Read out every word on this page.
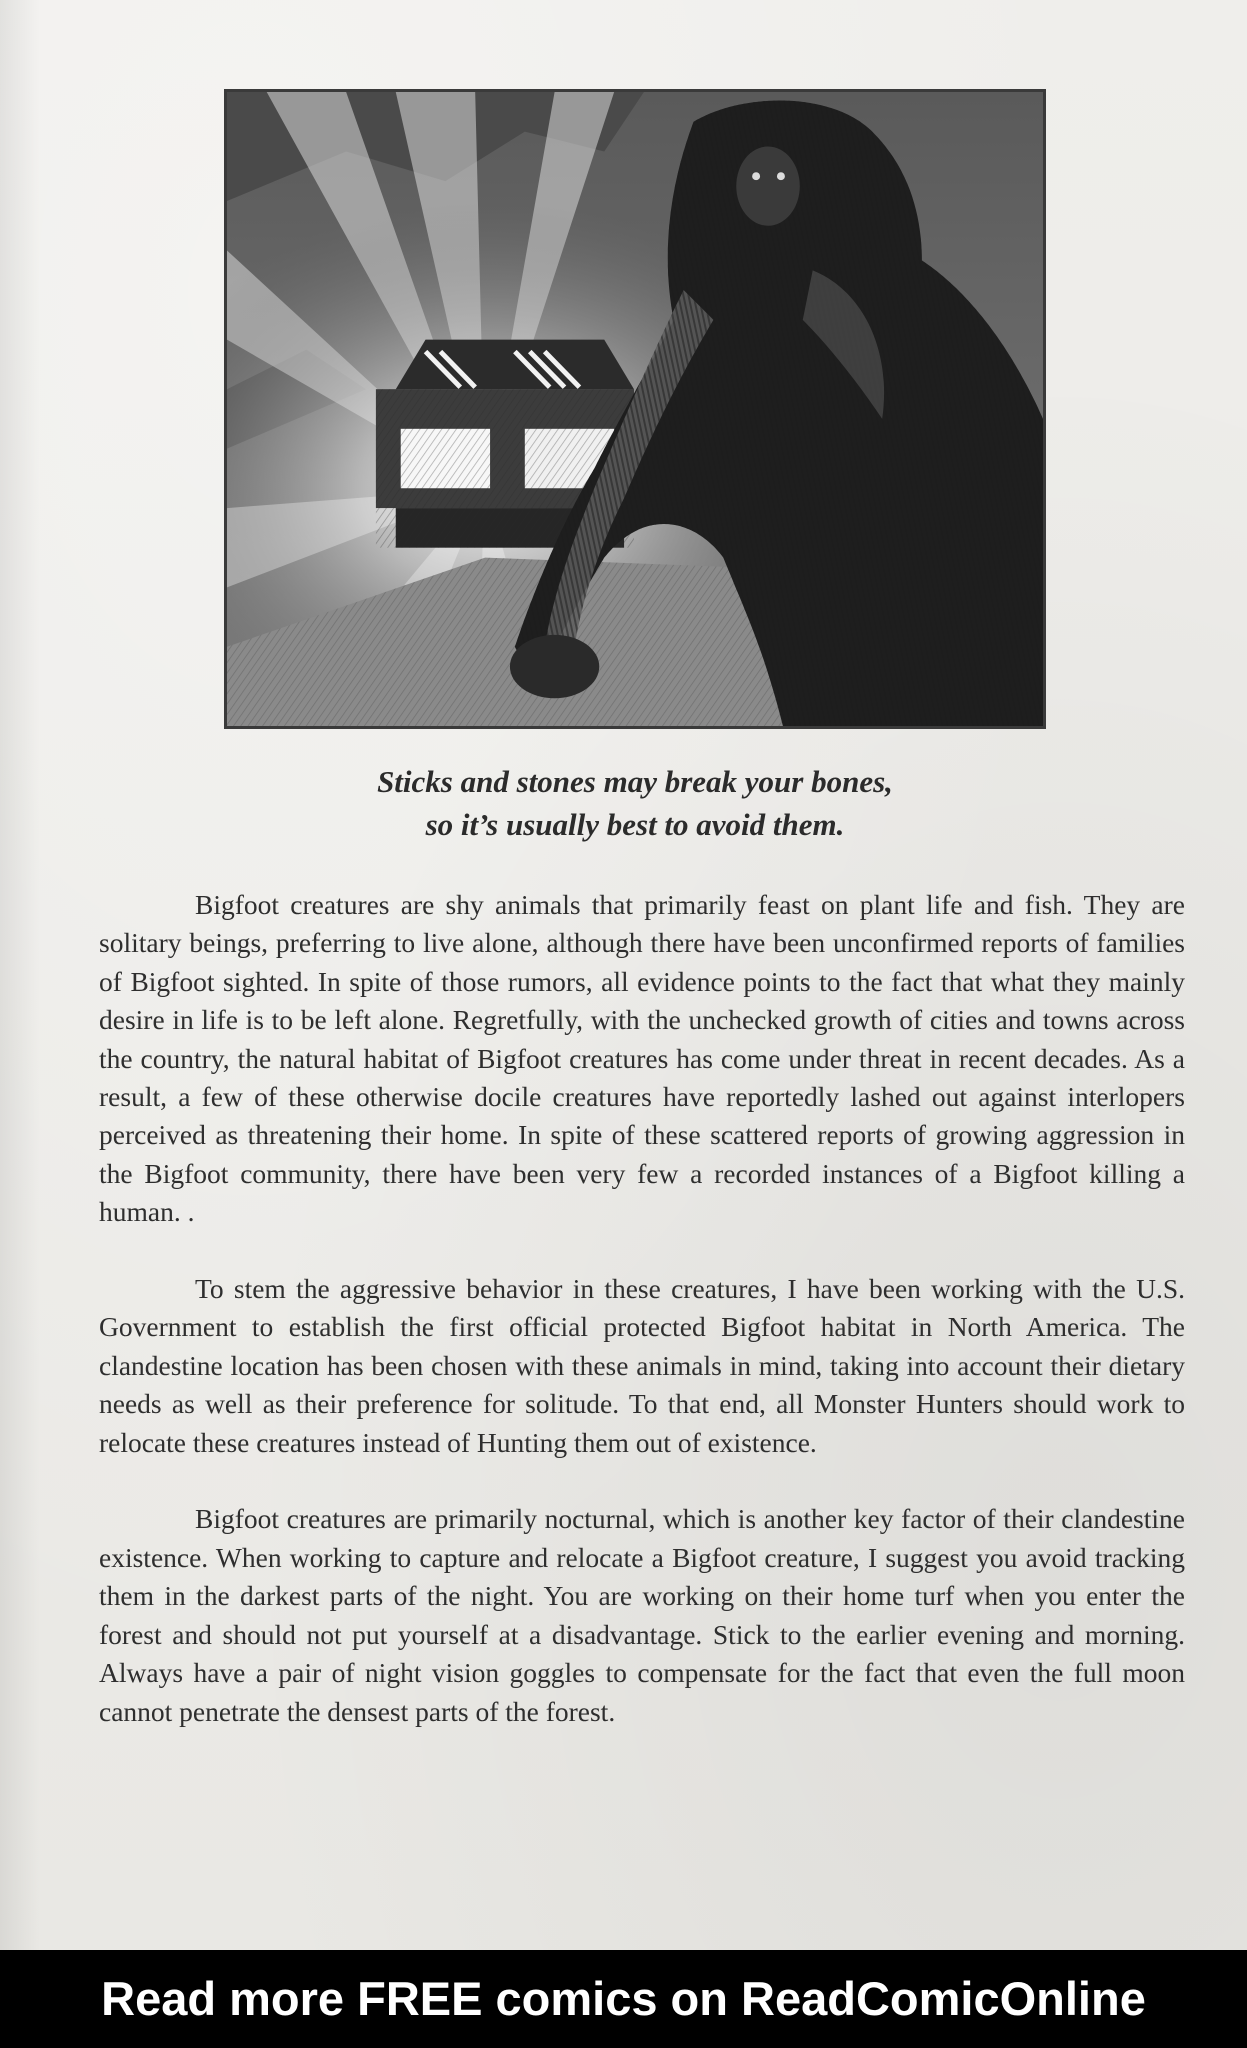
Sticks and stones may break your bones,
so it’s usually best to avoid them.

Bigfoot creatures are shy animals that primarily feast on plant life and fish. They are solitary beings, preferring to live alone, although there have been unconfirmed reports of families of Bigfoot sighted. In spite of those rumors, all evidence points to the fact that what they mainly desire in life is to be left alone. Regretfully, with the unchecked growth of cities and towns across the country, the natural habitat of Bigfoot creatures has come under threat in recent decades. As a result, a few of these otherwise docile creatures have reportedly lashed out against interlopers perceived as threatening their home. In spite of these scattered reports of growing aggression in the Bigfoot community, there have been very few a recorded instances of a Bigfoot killing a human. .

To stem the aggressive behavior in these creatures, I have been working with the U.S. Government to establish the first official protected Bigfoot habitat in North America. The clandestine location has been chosen with these animals in mind, taking into account their dietary needs as well as their preference for solitude. To that end, all Monster Hunters should work to relocate these creatures instead of Hunting them out of existence.

Bigfoot creatures are primarily nocturnal, which is another key factor of their clandestine existence. When working to capture and relocate a Bigfoot creature, I suggest you avoid tracking them in the darkest parts of the night. You are working on their home turf when you enter the forest and should not put yourself at a disadvantage. Stick to the earlier evening and morning. Always have a pair of night vision goggles to compensate for the fact that even the full moon cannot penetrate the densest parts of the forest.

Read more FREE comics on ReadComicOnline
